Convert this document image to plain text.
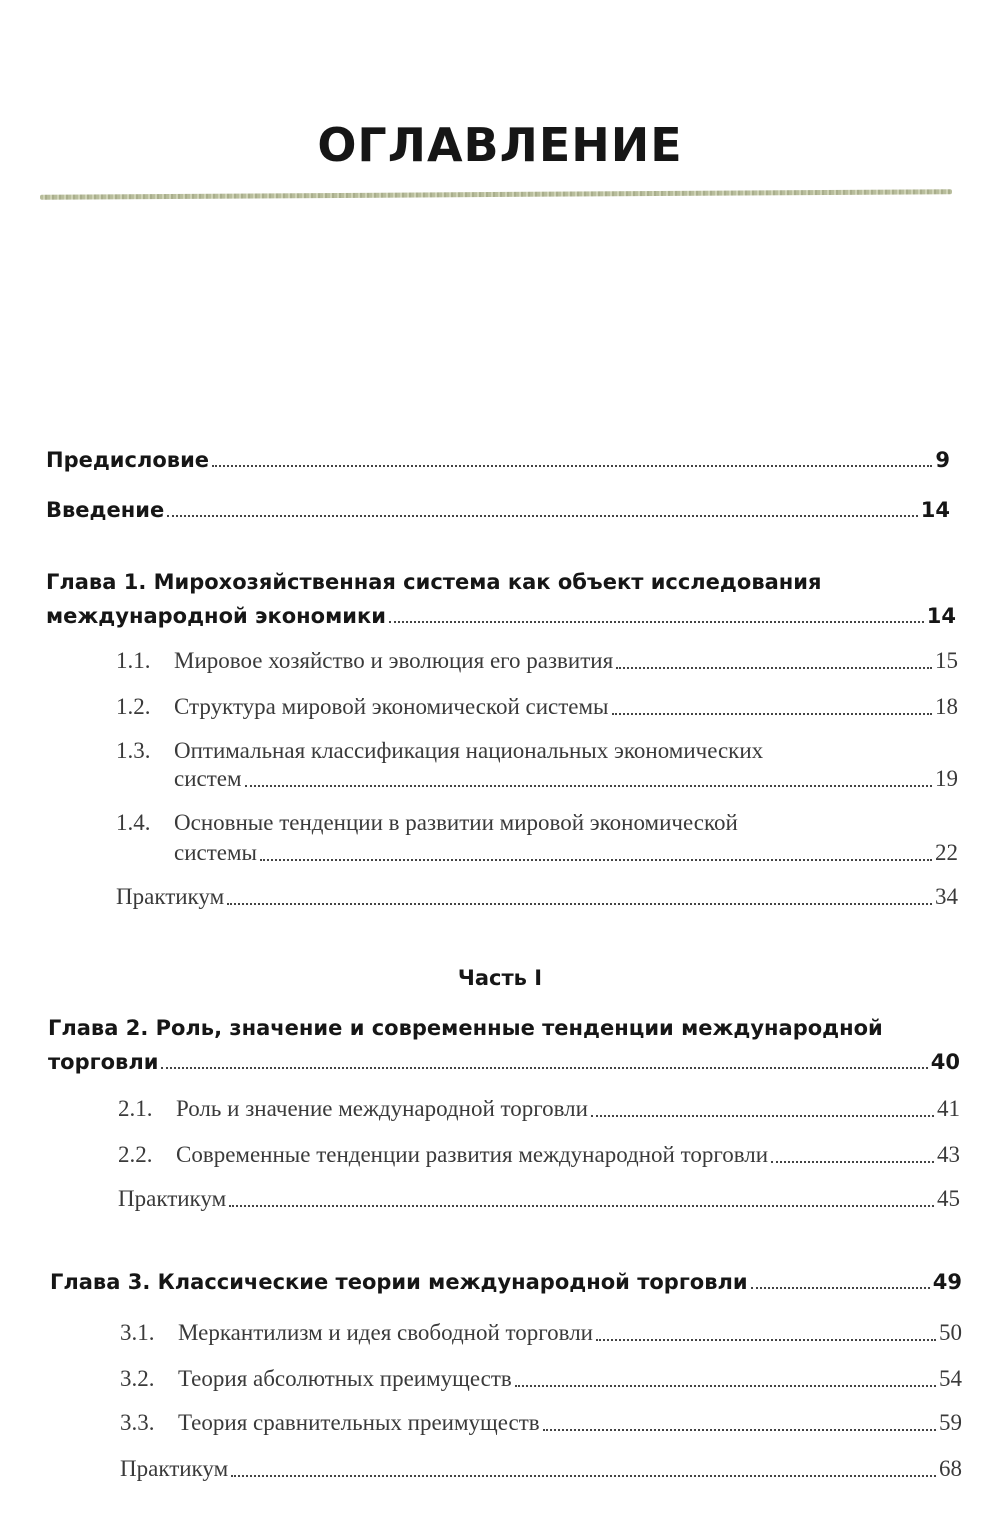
ОГЛАВЛЕНИЕ
Предисловие	9
Введение	14
Глава 1. Мирохозяйственная система как объект исследования
международной экономики	14
1.1.	Мировое хозяйство и эволюция его развития	15
1.2.	Структура мировой экономической системы	18
1.3. Оптимальная классификация национальных экономических
систем	19
1.4. Основные тенденции в развитии мировой экономической
системы	22
Практикум	34
Часть I
Глава 2. Роль, значение и современные тенденции международной
торговли	40
2.1.	Роль и значение международной торговли	41
2.2.	Современные тенденции развития международной торговли	43
Практикум	45
Глава 3. Классические теории международной торговли	49
3.1.	Меркантилизм и идея свободной торговли	50
3.2.	Теория абсолютных преимуществ	54
3.3.	Теория сравнительных преимуществ	59
Практикум	68
